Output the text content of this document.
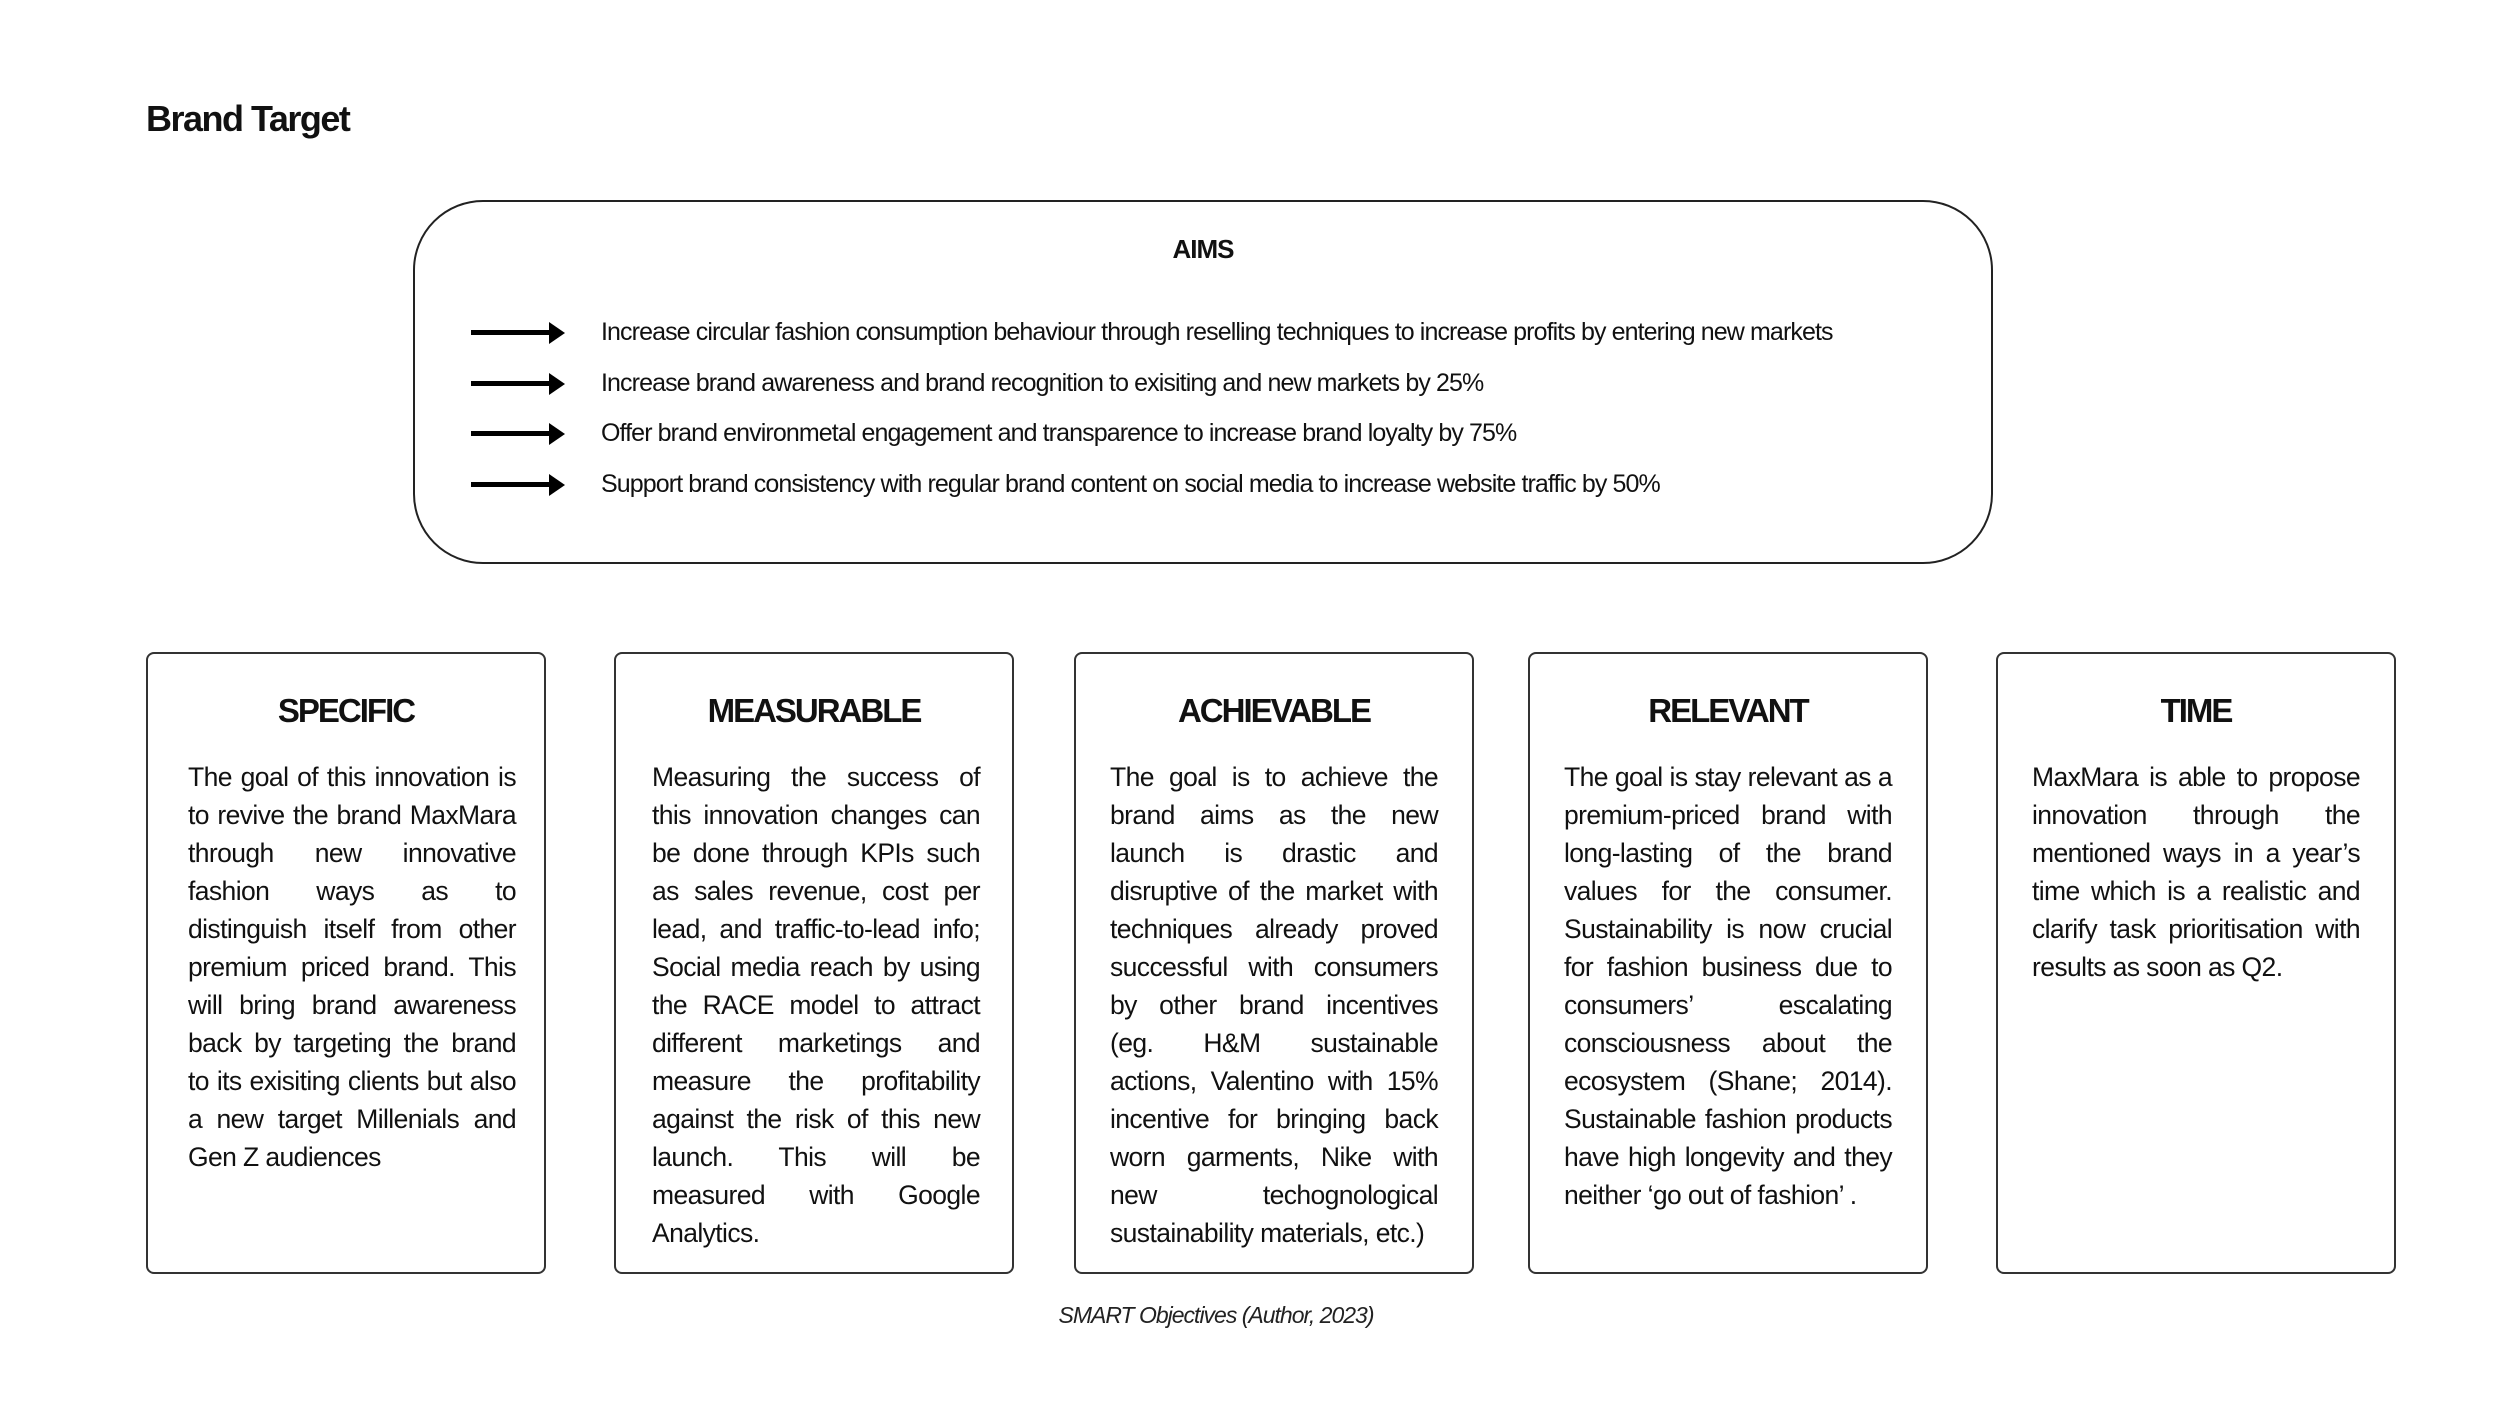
Brand Target
AIMS
Increase circular fashion consumption behaviour through reselling techniques to increase profits by entering new markets
Increase brand awareness and brand recognition to exisiting and new markets by 25%
Offer brand environmetal engagement and transparence to increase brand loyalty by 75%
Support brand consistency with regular brand content on social media to increase website traffic by 50%
SPECIFIC
The goal of this innovation is to revive the brand MaxMara through new innovative fashion ways as to distinguish itself from other premium priced brand. This will bring brand awareness back by targeting the brand to its exisiting clients but also a new target Millenials and Gen Z audiences
MEASURABLE
Measuring the success of this innovation changes can be done through KPIs such as sales revenue, cost per lead, and traffic-to-lead info; Social media reach by using the RACE model to attract different marketings and measure the profitability against the risk of this new launch. This will be measured with Google Analytics.
ACHIEVABLE
The goal is to achieve the brand aims as the new launch is drastic and disruptive of the market with techniques already proved successful with consumers by other brand incentives (eg. H&M sustainable actions, Valentino with 15% incentive for bringing back worn garments, Nike with new techognological sustainability materials, etc.)
RELEVANT
The goal is stay relevant as a premium-priced brand with long-lasting of the brand values for the consumer. Sustainability is now crucial for fashion business due to consumers’ escalating consciousness about the ecosystem (Shane; 2014). Sustainable fashion products have high longevity and they neither ‘go out of fashion’ .
TIME
MaxMara is able to propose innovation through the mentioned ways in a year’s time which is a realistic and clarify task prioritisation with results as soon as Q2.
SMART Objectives (Author, 2023)
